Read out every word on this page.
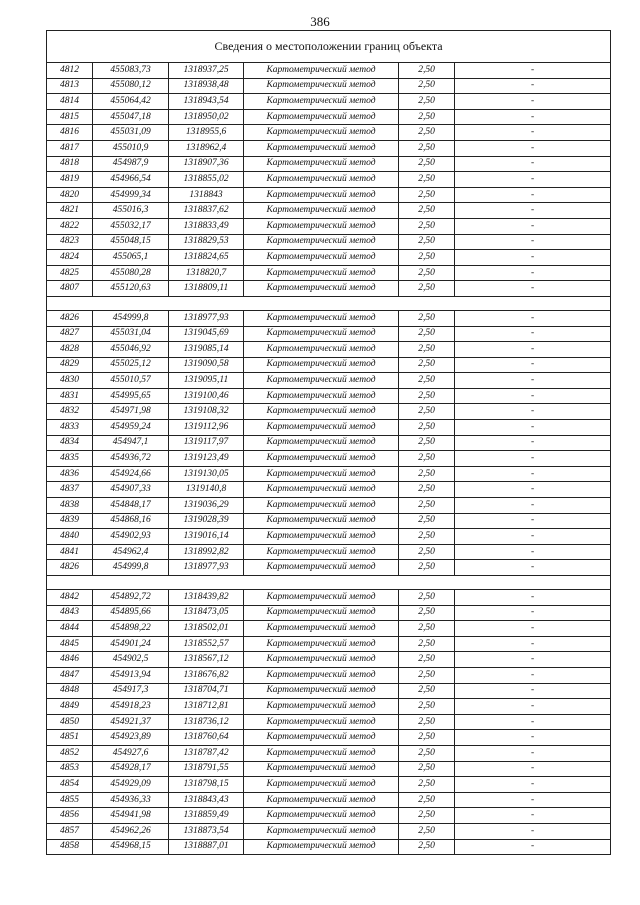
386
Сведения о местоположении границ объекта					
4812	455083,73	1318937,25	Картометрический метод	2,50	-
4813	455080,12	1318938,48	Картометрический метод	2,50	-
4814	455064,42	1318943,54	Картометрический метод	2,50	-
4815	455047,18	1318950,02	Картометрический метод	2,50	-
4816	455031,09	1318955,6	Картометрический метод	2,50	-
4817	455010,9	1318962,4	Картометрический метод	2,50	-
4818	454987,9	1318907,36	Картометрический метод	2,50	-
4819	454966,54	1318855,02	Картометрический метод	2,50	-
4820	454999,34	1318843	Картометрический метод	2,50	-
4821	455016,3	1318837,62	Картометрический метод	2,50	-
4822	455032,17	1318833,49	Картометрический метод	2,50	-
4823	455048,15	1318829,53	Картометрический метод	2,50	-
4824	455065,1	1318824,65	Картометрический метод	2,50	-
4825	455080,28	1318820,7	Картометрический метод	2,50	-
4807	455120,63	1318809,11	Картометрический метод	2,50	-

4826	454999,8	1318977,93	Картометрический метод	2,50	-
4827	455031,04	1319045,69	Картометрический метод	2,50	-
4828	455046,92	1319085,14	Картометрический метод	2,50	-
4829	455025,12	1319090,58	Картометрический метод	2,50	-
4830	455010,57	1319095,11	Картометрический метод	2,50	-
4831	454995,65	1319100,46	Картометрический метод	2,50	-
4832	454971,98	1319108,32	Картометрический метод	2,50	-
4833	454959,24	1319112,96	Картометрический метод	2,50	-
4834	454947,1	1319117,97	Картометрический метод	2,50	-
4835	454936,72	1319123,49	Картометрический метод	2,50	-
4836	454924,66	1319130,05	Картометрический метод	2,50	-
4837	454907,33	1319140,8	Картометрический метод	2,50	-
4838	454848,17	1319036,29	Картометрический метод	2,50	-
4839	454868,16	1319028,39	Картометрический метод	2,50	-
4840	454902,93	1319016,14	Картометрический метод	2,50	-
4841	454962,4	1318992,82	Картометрический метод	2,50	-
4826	454999,8	1318977,93	Картометрический метод	2,50	-

4842	454892,72	1318439,82	Картометрический метод	2,50	-
4843	454895,66	1318473,05	Картометрический метод	2,50	-
4844	454898,22	1318502,01	Картометрический метод	2,50	-
4845	454901,24	1318552,57	Картометрический метод	2,50	-
4846	454902,5	1318567,12	Картометрический метод	2,50	-
4847	454913,94	1318676,82	Картометрический метод	2,50	-
4848	454917,3	1318704,71	Картометрический метод	2,50	-
4849	454918,23	1318712,81	Картометрический метод	2,50	-
4850	454921,37	1318736,12	Картометрический метод	2,50	-
4851	454923,89	1318760,64	Картометрический метод	2,50	-
4852	454927,6	1318787,42	Картометрический метод	2,50	-
4853	454928,17	1318791,55	Картометрический метод	2,50	-
4854	454929,09	1318798,15	Картометрический метод	2,50	-
4855	454936,33	1318843,43	Картометрический метод	2,50	-
4856	454941,98	1318859,49	Картометрический метод	2,50	-
4857	454962,26	1318873,54	Картометрический метод	2,50	-
4858	454968,15	1318887,01	Картометрический метод	2,50	-
